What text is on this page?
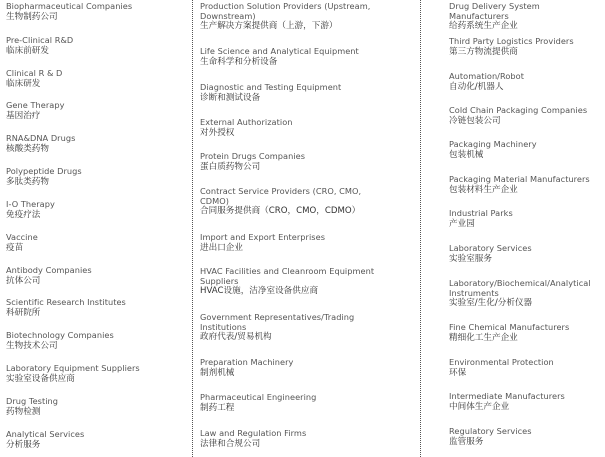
Biopharmaceutical Companies
生物制药公司
Pre-Clinical R&D
临床前研发
Clinical R & D
临床研发
Gene Therapy
基因治疗
RNA&DNA Drugs
核酸类药物
Polypeptide Drugs
多肽类药物
I-O Therapy
免疫疗法
Vaccine
疫苗
Antibody Companies
抗体公司
Scientific Research Institutes
科研院所
Biotechnology Companies
生物技术公司
Laboratory Equipment Suppliers
实验室设备供应商
Drug Testing
药物检测
Analytical Services
分析服务
Production Solution Providers (Upstream, Downstream)
生产解决方案提供商（上游，下游）
Life Science and Analytical Equipment
生命科学和分析设备
Diagnostic and Testing Equipment
诊断和测试设备
External Authorization
对外授权
Protein Drugs Companies
蛋白质药物公司
Contract Service Providers (CRO, CMO, CDMO)
合同服务提供商（CRO，CMO，CDMO）
Import and Export Enterprises
进出口企业
HVAC Facilities and Cleanroom Equipment Suppliers
HVAC设施，洁净室设备供应商
Government Representatives/Trading Institutions
政府代表/贸易机构
Preparation Machinery
制剂机械
Pharmaceutical Engineering
制药工程
Law and Regulation Firms
法律和合规公司
Drug Delivery System Manufacturers
给药系统生产企业
Third Party Logistics Providers
第三方物流提供商
Automation/Robot
自动化/机器人
Cold Chain Packaging Companies
冷链包装公司
Packaging Machinery
包装机械
Packaging Material Manufacturers
包装材料生产企业
Industrial Parks
产业园
Laboratory Services
实验室服务
Laboratory/Biochemical/Analytical Instruments
实验室/生化/分析仪器
Fine Chemical Manufacturers
精细化工生产企业
Environmental Protection
环保
Intermediate Manufacturers
中间体生产企业
Regulatory Services
监管服务
